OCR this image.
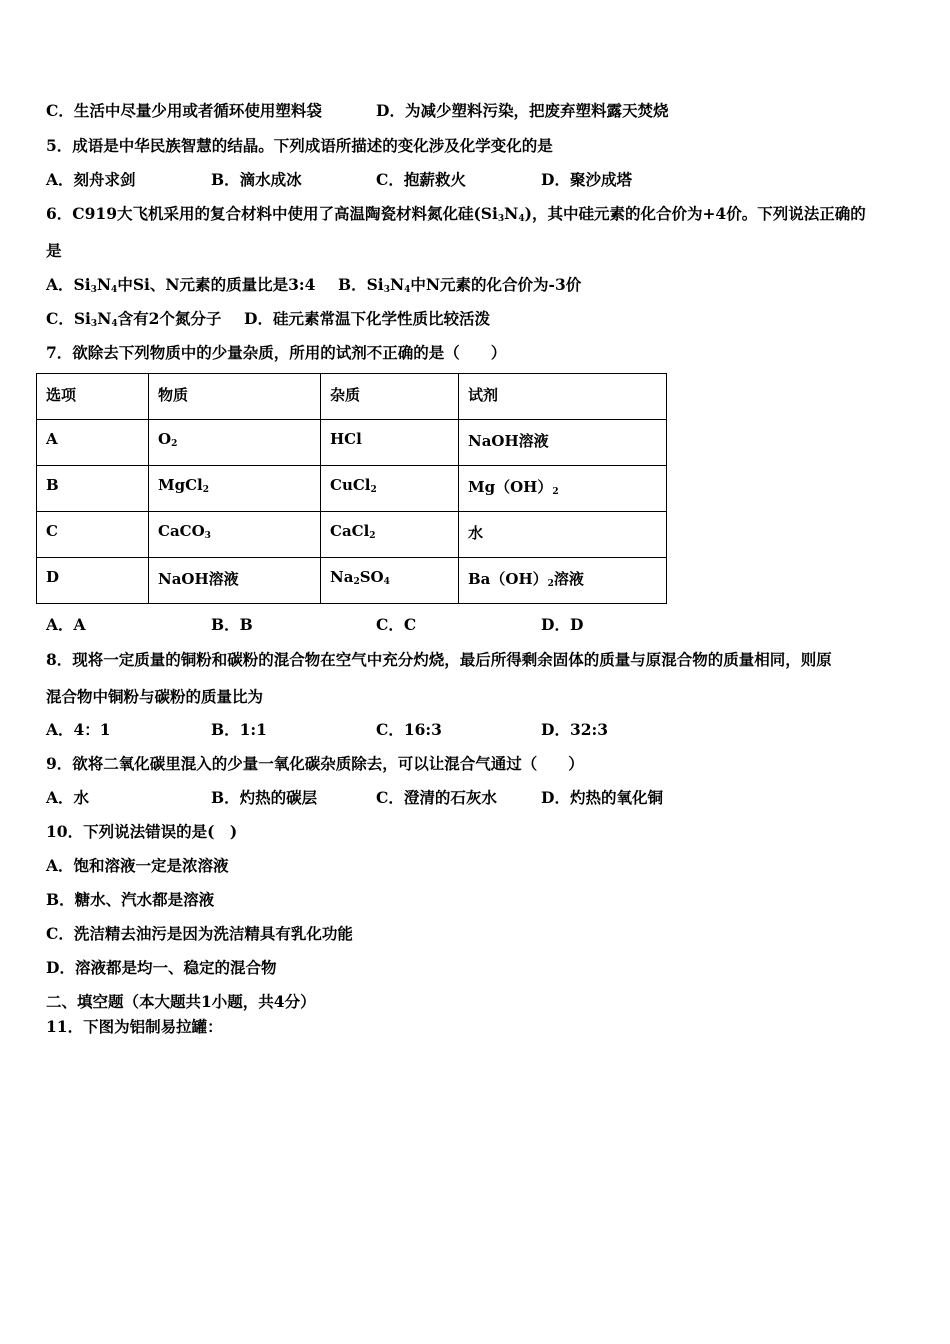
C．生活中尽量少用或者循环使用塑料袋	D．为减少塑料污染，把废弃塑料露天焚烧
5．成语是中华民族智慧的结晶。下列成语所描述的变化涉及化学变化的是
A．刻舟求剑	B．滴水成冰	C．抱薪救火	D．聚沙成塔
6．C919大飞机采用的复合材料中使用了高温陶瓷材料氮化硅$(Si_3N_4)$，其中硅元素的化合价为+4价。下列说法正确的
是
A．$Si_3N_4$中Si、N元素的质量比是3:4 B．$Si_3N_4$中N元素的化合价为-3价
C．$Si_3N_4$含有2个氮分子 D．硅元素常温下化学性质比较活泼
7．欲除去下列物质中的少量杂质，所用的试剂不正确的是（　　）
选项	物质	杂质	试剂
A	$O_2$	HCl	NaOH溶液
B	MgCl$_2$	CuCl$_2$	$Mg(OH)_2$
C	CaCO$_3$	CaCl$_2$	水
D	NaOH溶液	$Na_2SO_4$	$Ba(OH)_2$溶液
A．A	B．B	C．C	D．D
8．现将一定质量的铜粉和碳粉的混合物在空气中充分灼烧，最后所得剩余固体的质量与原混合物的质量相同，则原
混合物中铜粉与碳粉的质量比为
A．4：1	B．1:1	C．16:3	D．32:3
9．欲将二氧化碳里混入的少量一氧化碳杂质除去，可以让混合气通过（　　）
A．水	B．灼热的碳层	C．澄清的石灰水	D．灼热的氧化铜
10．下列说法错误的是(　)
A．饱和溶液一定是浓溶液
B．糖水、汽水都是溶液
C．洗洁精去油污是因为洗洁精具有乳化功能
D．溶液都是均一、稳定的混合物
二、填空题（本大题共1小题，共4分）
11．下图为铝制易拉罐：
